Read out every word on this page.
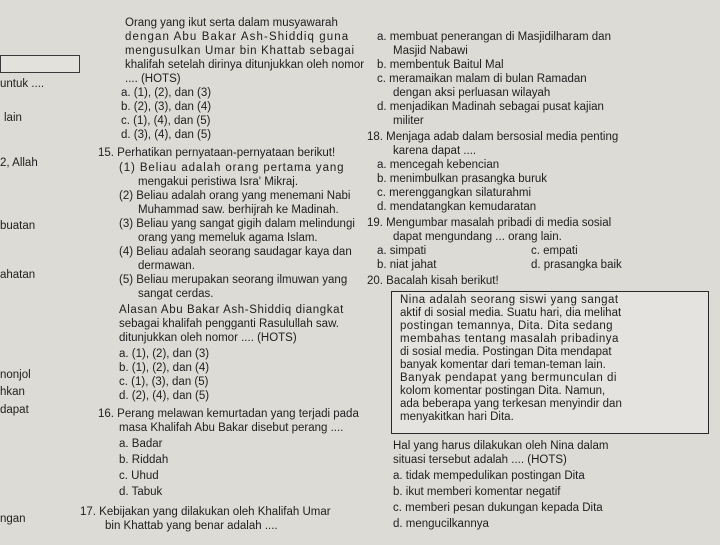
untuk ....
lain
2, Allah
buatan
ahatan
nonjol
hkan
dapat
ngan
Orang yang ikut serta dalam musyawarah
dengan Abu Bakar Ash-Shiddiq guna
mengusulkan Umar bin Khattab sebagai
khalifah setelah dirinya ditunjukkan oleh nomor
.... (HOTS)
a. (1), (2), dan (3)
b. (2), (3), dan (4)
c. (1), (4), dan (5)
d. (3), (4), dan (5)
15. Perhatikan pernyataan-pernyataan berikut!
(1) Beliau adalah orang pertama yang
mengakui peristiwa Isra' Mikraj.
(2) Beliau adalah orang yang menemani Nabi
Muhammad saw. berhijrah ke Madinah.
(3) Beliau yang sangat gigih dalam melindungi
orang yang memeluk agama Islam.
(4) Beliau adalah seorang saudagar kaya dan
dermawan.
(5) Beliau merupakan seorang ilmuwan yang
sangat cerdas.
Alasan Abu Bakar Ash-Shiddiq diangkat
sebagai khalifah pengganti Rasulullah saw.
ditunjukkan oleh nomor .... (HOTS)
a. (1), (2), dan (3)
b. (1), (2), dan (4)
c. (1), (3), dan (5)
d. (2), (4), dan (5)
16. Perang melawan kemurtadan yang terjadi pada
masa Khalifah Abu Bakar disebut perang ....
a. Badar
b. Riddah
c. Uhud
d. Tabuk
17. Kebijakan yang dilakukan oleh Khalifah Umar
bin Khattab yang benar adalah ....
a. membuat penerangan di Masjidilharam dan
Masjid Nabawi
b. membentuk Baitul Mal
c. meramaikan malam di bulan Ramadan
dengan aksi perluasan wilayah
d. menjadikan Madinah sebagai pusat kajian
militer
18. Menjaga adab dalam bersosial media penting
karena dapat ....
a. mencegah kebencian
b. menimbulkan prasangka buruk
c. merenggangkan silaturahmi
d. mendatangkan kemudaratan
19. Mengumbar masalah pribadi di media sosial
dapat mengundang ... orang lain.
a. simpati	c. empati
b. niat jahat	d. prasangka baik
20. Bacalah kisah berikut!
Nina adalah seorang siswi yang sangat
aktif di sosial media. Suatu hari, dia melihat
postingan temannya, Dita. Dita sedang
membahas tentang masalah pribadinya
di sosial media. Postingan Dita mendapat
banyak komentar dari teman-teman lain.
Banyak pendapat yang bermunculan di
kolom komentar postingan Dita. Namun,
ada beberapa yang terkesan menyindir dan
menyakitkan hari Dita.
Hal yang harus dilakukan oleh Nina dalam
situasi tersebut adalah .... (HOTS)
a. tidak mempedulikan postingan Dita
b. ikut memberi komentar negatif
c. memberi pesan dukungan kepada Dita
d. mengucilkannya
